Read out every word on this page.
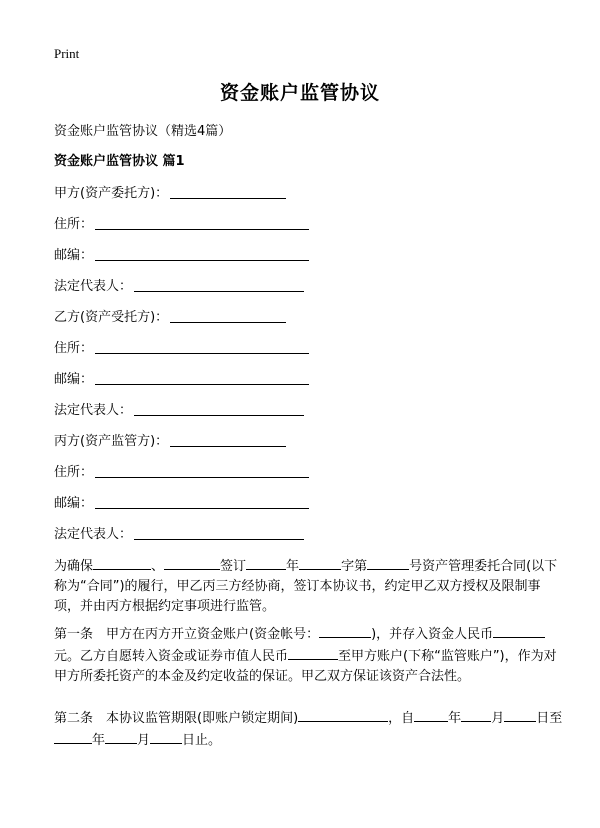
Print
资金账户监管协议
资金账户监管协议（精选4篇）
资金账户监管协议 篇1
甲方(资产委托方)：
住所：
邮编：
法定代表人：
乙方(资产受托方)：
住所：
邮编：
法定代表人：
丙方(资产监管方)：
住所：
邮编：
法定代表人：
为确保	、	签订	年	字第	号资产管理委托合同(以下称为“合同”)的履行，甲乙丙三方经协商，签订本协议书，约定甲乙双方授权及限制事项，并由丙方根据约定事项进行监管。
第一条　甲方在丙方开立资金账户(资金帐号：	)，并存入资金人民币元。乙方自愿转入资金或证券市值人民币	至甲方账户(下称“监管账户”)，作为对甲方所委托资产的本金及约定收益的保证。甲乙双方保证该资产合法性。
第二条　本协议监管期限(即账户锁定期间)	，自	年 月 日至年 月 日止。
